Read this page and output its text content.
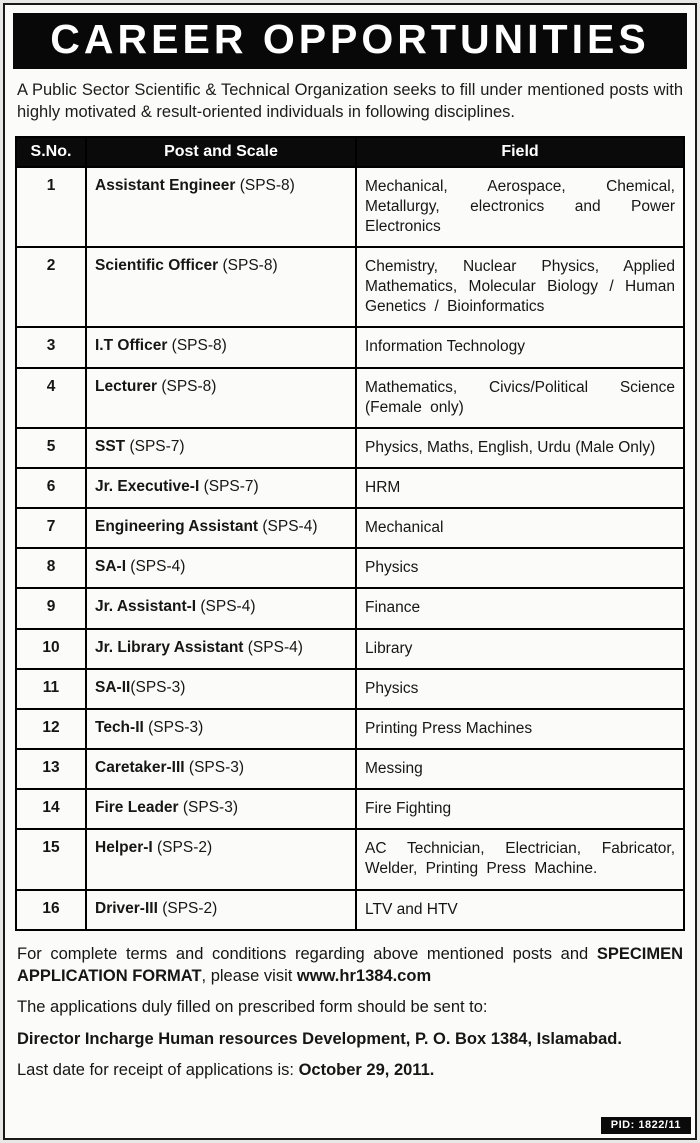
CAREER OPPORTUNITIES
A Public Sector Scientific & Technical Organization seeks to fill under mentioned posts with highly motivated & result-oriented individuals in following disciplines.
S.No.	Post and Scale	Field
1	Assistant Engineer (SPS-8)	Mechanical, Aerospace, Chemical, Metallurgy, electronics and Power Electronics
2	Scientific Officer (SPS-8)	Chemistry, Nuclear Physics, Applied Mathematics, Molecular Biology / Human Genetics / Bioinformatics
3	I.T Officer (SPS-8)	Information Technology
4	Lecturer (SPS-8)	Mathematics, Civics/Political Science (Female only)
5	SST (SPS-7)	Physics, Maths, English, Urdu (Male Only)
6	Jr. Executive-I (SPS-7)	HRM
7	Engineering Assistant (SPS-4)	Mechanical
8	SA-I (SPS-4)	Physics
9	Jr. Assistant-I (SPS-4)	Finance
10	Jr. Library Assistant (SPS-4)	Library
11	SA-II(SPS-3)	Physics
12	Tech-II (SPS-3)	Printing Press Machines
13	Caretaker-III (SPS-3)	Messing
14	Fire Leader (SPS-3)	Fire Fighting
15	Helper-I (SPS-2)	AC Technician, Electrician, Fabricator, Welder, Printing Press Machine.
16	Driver-III (SPS-2)	LTV and HTV

For complete terms and conditions regarding above mentioned posts and SPECIMEN APPLICATION FORMAT, please visit www.hr1384.com

The applications duly filled on prescribed form should be sent to:

Director Incharge Human resources Development, P. O. Box 1384, Islamabad.

Last date for receipt of applications is: October 29, 2011.

PID: 1822/11
